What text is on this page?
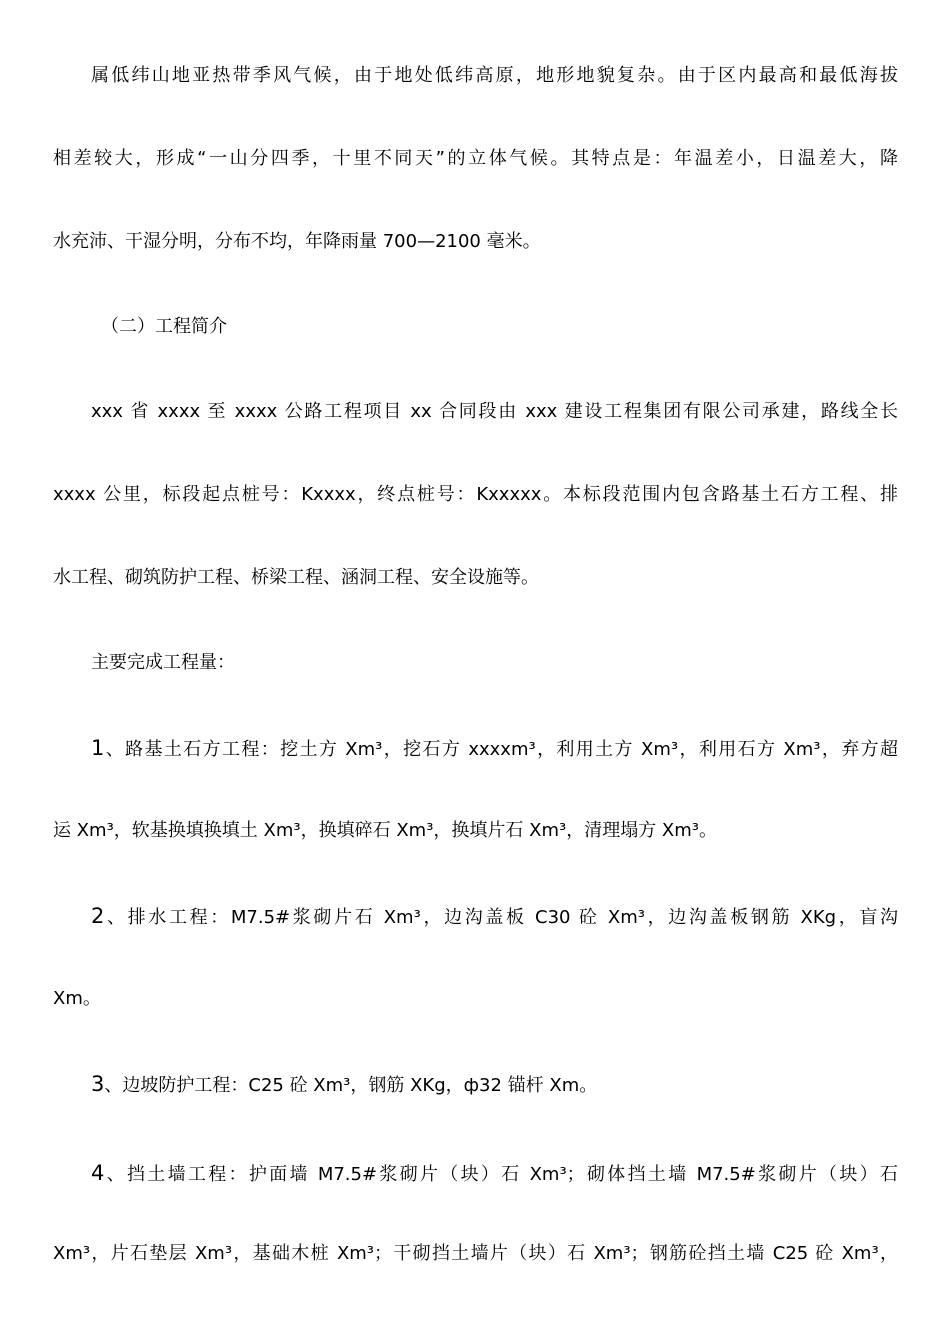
属低纬山地亚热带季风气候，由于地处低纬高原，地形地貌复杂。由于区内最高和最低海拔
相差较大，形成“一山分四季，十里不同天”的立体气候。其特点是：年温差小，日温差大，降
水充沛、干湿分明，分布不均，年降雨量 700—2100 毫米。
（二）工程简介
xxx 省 xxxx 至 xxxx 公路工程项目 xx 合同段由 xxx 建设工程集团有限公司承建，路线全长
xxxx 公里，标段起点桩号：Kxxxx，终点桩号：Kxxxxx。本标段范围内包含路基土石方工程、排
水工程、砌筑防护工程、桥梁工程、涵洞工程、安全设施等。
主要完成工程量：
1、路基土石方工程：挖土方 Xm³，挖石方 xxxxm³，利用土方 Xm³，利用石方 Xm³，弃方超
运 Xm³，软基换填换填土 Xm³，换填碎石 Xm³，换填片石 Xm³，清理塌方 Xm³。
2、排水工程：M7.5#浆砌片石 Xm³，边沟盖板 C30 砼 Xm³，边沟盖板钢筋 XKg，盲沟
Xm。
3、边坡防护工程：C25 砼 Xm³，钢筋 XKg，ф32 锚杆 Xm。
4、挡土墙工程：护面墙 M7.5#浆砌片（块）石 Xm³；砌体挡土墙 M7.5#浆砌片（块）石
Xm³，片石垫层 Xm³，基础木桩 Xm³；干砌挡土墙片（块）石 Xm³；钢筋砼挡土墙 C25 砼 Xm³，
